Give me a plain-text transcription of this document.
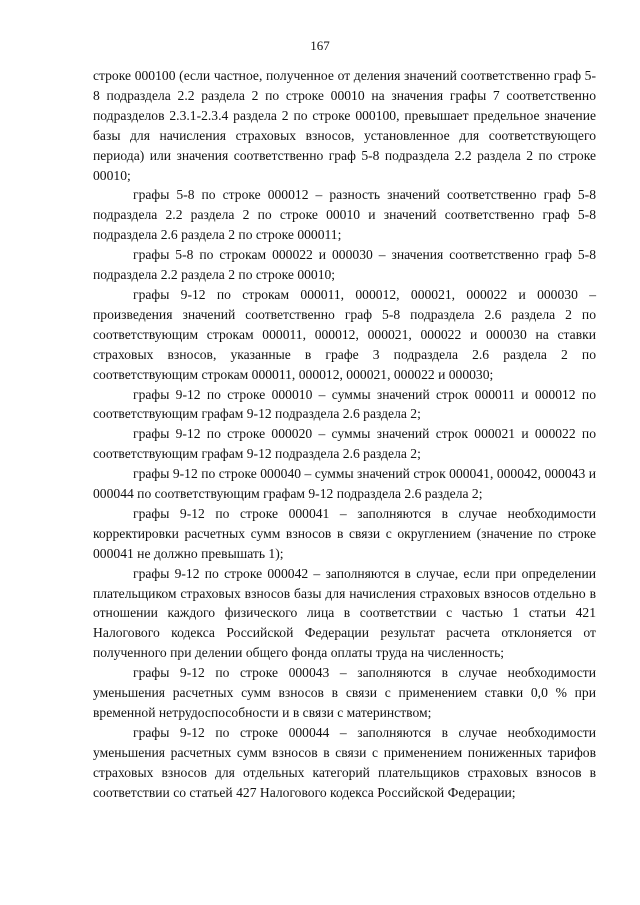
167

строке 000100 (если частное, полученное от деления значений соответственно граф 5-8 подраздела 2.2 раздела 2 по строке 00010 на значения графы 7 соответственно подразделов 2.3.1-2.3.4 раздела 2 по строке 000100, превышает предельное значение базы для начисления страховых взносов, установленное для соответствующего периода) или значения соответственно граф 5-8 подраздела 2.2 раздела 2 по строке 00010;

графы 5-8 по строке 000012 – разность значений соответственно граф 5-8 подраздела 2.2 раздела 2 по строке 00010 и значений соответственно граф 5-8 подраздела 2.6 раздела 2 по строке 000011;

графы 5-8 по строкам 000022 и 000030 – значения соответственно граф 5-8 подраздела 2.2 раздела 2 по строке 00010;

графы 9-12 по строкам 000011, 000012, 000021, 000022 и 000030 – произведения значений соответственно граф 5-8 подраздела 2.6 раздела 2 по соответствующим строкам 000011, 000012, 000021, 000022 и 000030 на ставки страховых взносов, указанные в графе 3 подраздела 2.6 раздела 2 по соответствующим строкам 000011, 000012, 000021, 000022 и 000030;

графы 9-12 по строке 000010 – суммы значений строк 000011 и 000012 по соответствующим графам 9-12 подраздела 2.6 раздела 2;

графы 9-12 по строке 000020 – суммы значений строк 000021 и 000022 по соответствующим графам 9-12 подраздела 2.6 раздела 2;

графы 9-12 по строке 000040 – суммы значений строк 000041, 000042, 000043 и 000044 по соответствующим графам 9-12 подраздела 2.6 раздела 2;

графы 9-12 по строке 000041 – заполняются в случае необходимости корректировки расчетных сумм взносов в связи с округлением (значение по строке 000041 не должно превышать 1);

графы 9-12 по строке 000042 – заполняются в случае, если при определении плательщиком страховых взносов базы для начисления страховых взносов отдельно в отношении каждого физического лица в соответствии с частью 1 статьи 421 Налогового кодекса Российской Федерации результат расчета отклоняется от полученного при делении общего фонда оплаты труда на численность;

графы 9-12 по строке 000043 – заполняются в случае необходимости уменьшения расчетных сумм взносов в связи с применением ставки 0,0 % при временной нетрудоспособности и в связи с материнством;

графы 9-12 по строке 000044 – заполняются в случае необходимости уменьшения расчетных сумм взносов в связи с применением пониженных тарифов страховых взносов для отдельных категорий плательщиков страховых взносов в соответствии со статьей 427 Налогового кодекса Российской Федерации;
